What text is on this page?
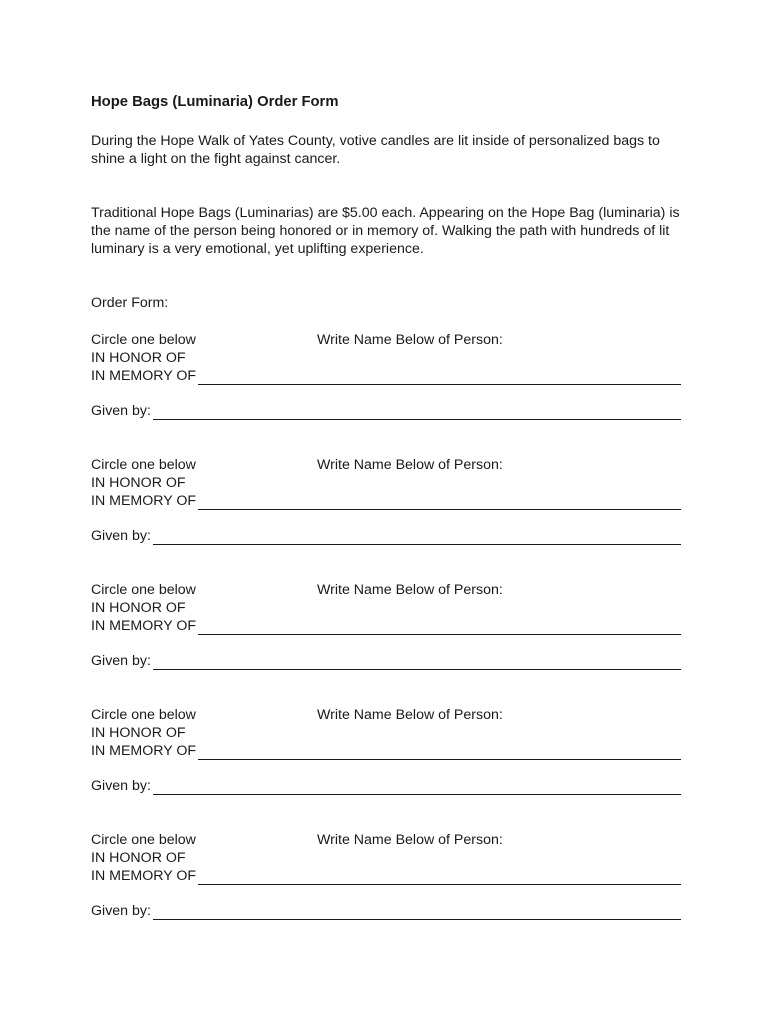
Hope Bags (Luminaria) Order Form

During the Hope Walk of Yates County, votive candles are lit inside of personalized bags to shine a light on the fight against cancer.

Traditional Hope Bags (Luminarias) are $5.00 each. Appearing on the Hope Bag (luminaria) is the name of the person being honored or in memory of. Walking the path with hundreds of lit luminary is a very emotional, yet uplifting experience.

Order Form:
Circle one below	Write Name Below of Person:
IN HONOR OF
IN MEMORY OF
Given by:
Circle one below	Write Name Below of Person:
IN HONOR OF
IN MEMORY OF
Given by:
Circle one below	Write Name Below of Person:
IN HONOR OF
IN MEMORY OF
Given by:
Circle one below	Write Name Below of Person:
IN HONOR OF
IN MEMORY OF
Given by:
Circle one below	Write Name Below of Person:
IN HONOR OF
IN MEMORY OF
Given by:
